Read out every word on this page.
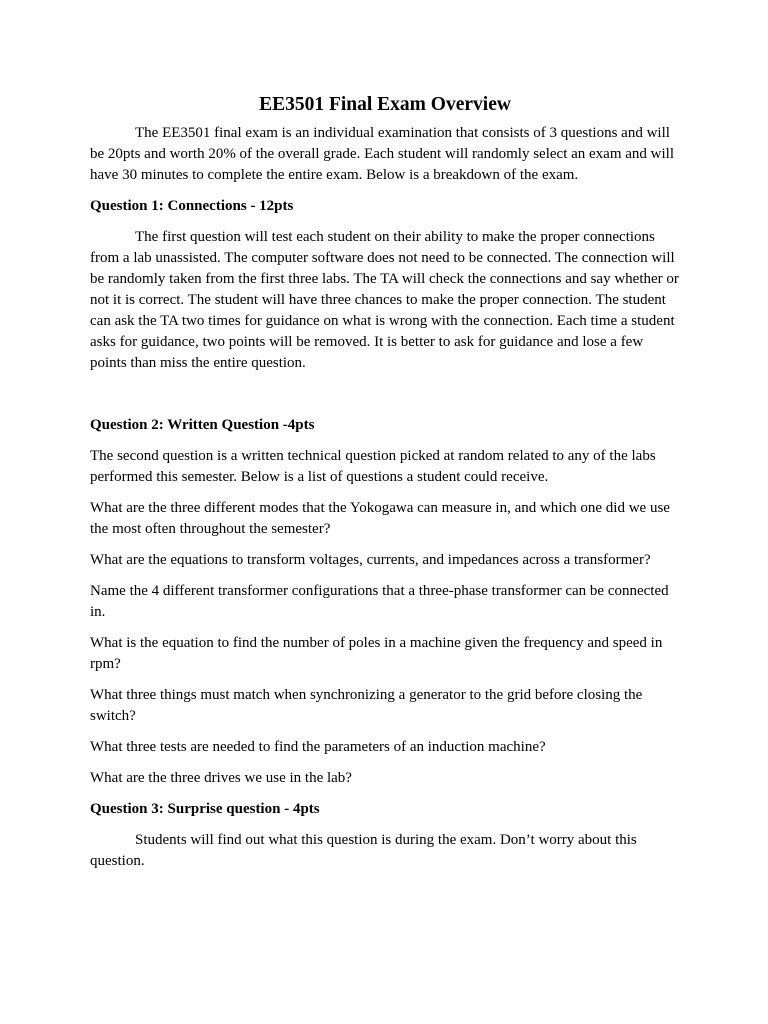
EE3501 Final Exam Overview

The EE3501 final exam is an individual examination that consists of 3 questions and will be 20pts and worth 20% of the overall grade. Each student will randomly select an exam and will have 30 minutes to complete the entire exam. Below is a breakdown of the exam.

Question 1: Connections - 12pts

The first question will test each student on their ability to make the proper connections from a lab unassisted. The computer software does not need to be connected. The connection will be randomly taken from the first three labs. The TA will check the connections and say whether or not it is correct. The student will have three chances to make the proper connection. The student can ask the TA two times for guidance on what is wrong with the connection. Each time a student asks for guidance, two points will be removed. It is better to ask for guidance and lose a few points than miss the entire question.

Question 2: Written Question -4pts

The second question is a written technical question picked at random related to any of the labs performed this semester. Below is a list of questions a student could receive.

What are the three different modes that the Yokogawa can measure in, and which one did we use the most often throughout the semester?

What are the equations to transform voltages, currents, and impedances across a transformer?

Name the 4 different transformer configurations that a three-phase transformer can be connected in.

What is the equation to find the number of poles in a machine given the frequency and speed in rpm?

What three things must match when synchronizing a generator to the grid before closing the switch?

What three tests are needed to find the parameters of an induction machine?

What are the three drives we use in the lab?

Question 3: Surprise question - 4pts

Students will find out what this question is during the exam. Don’t worry about this question.
